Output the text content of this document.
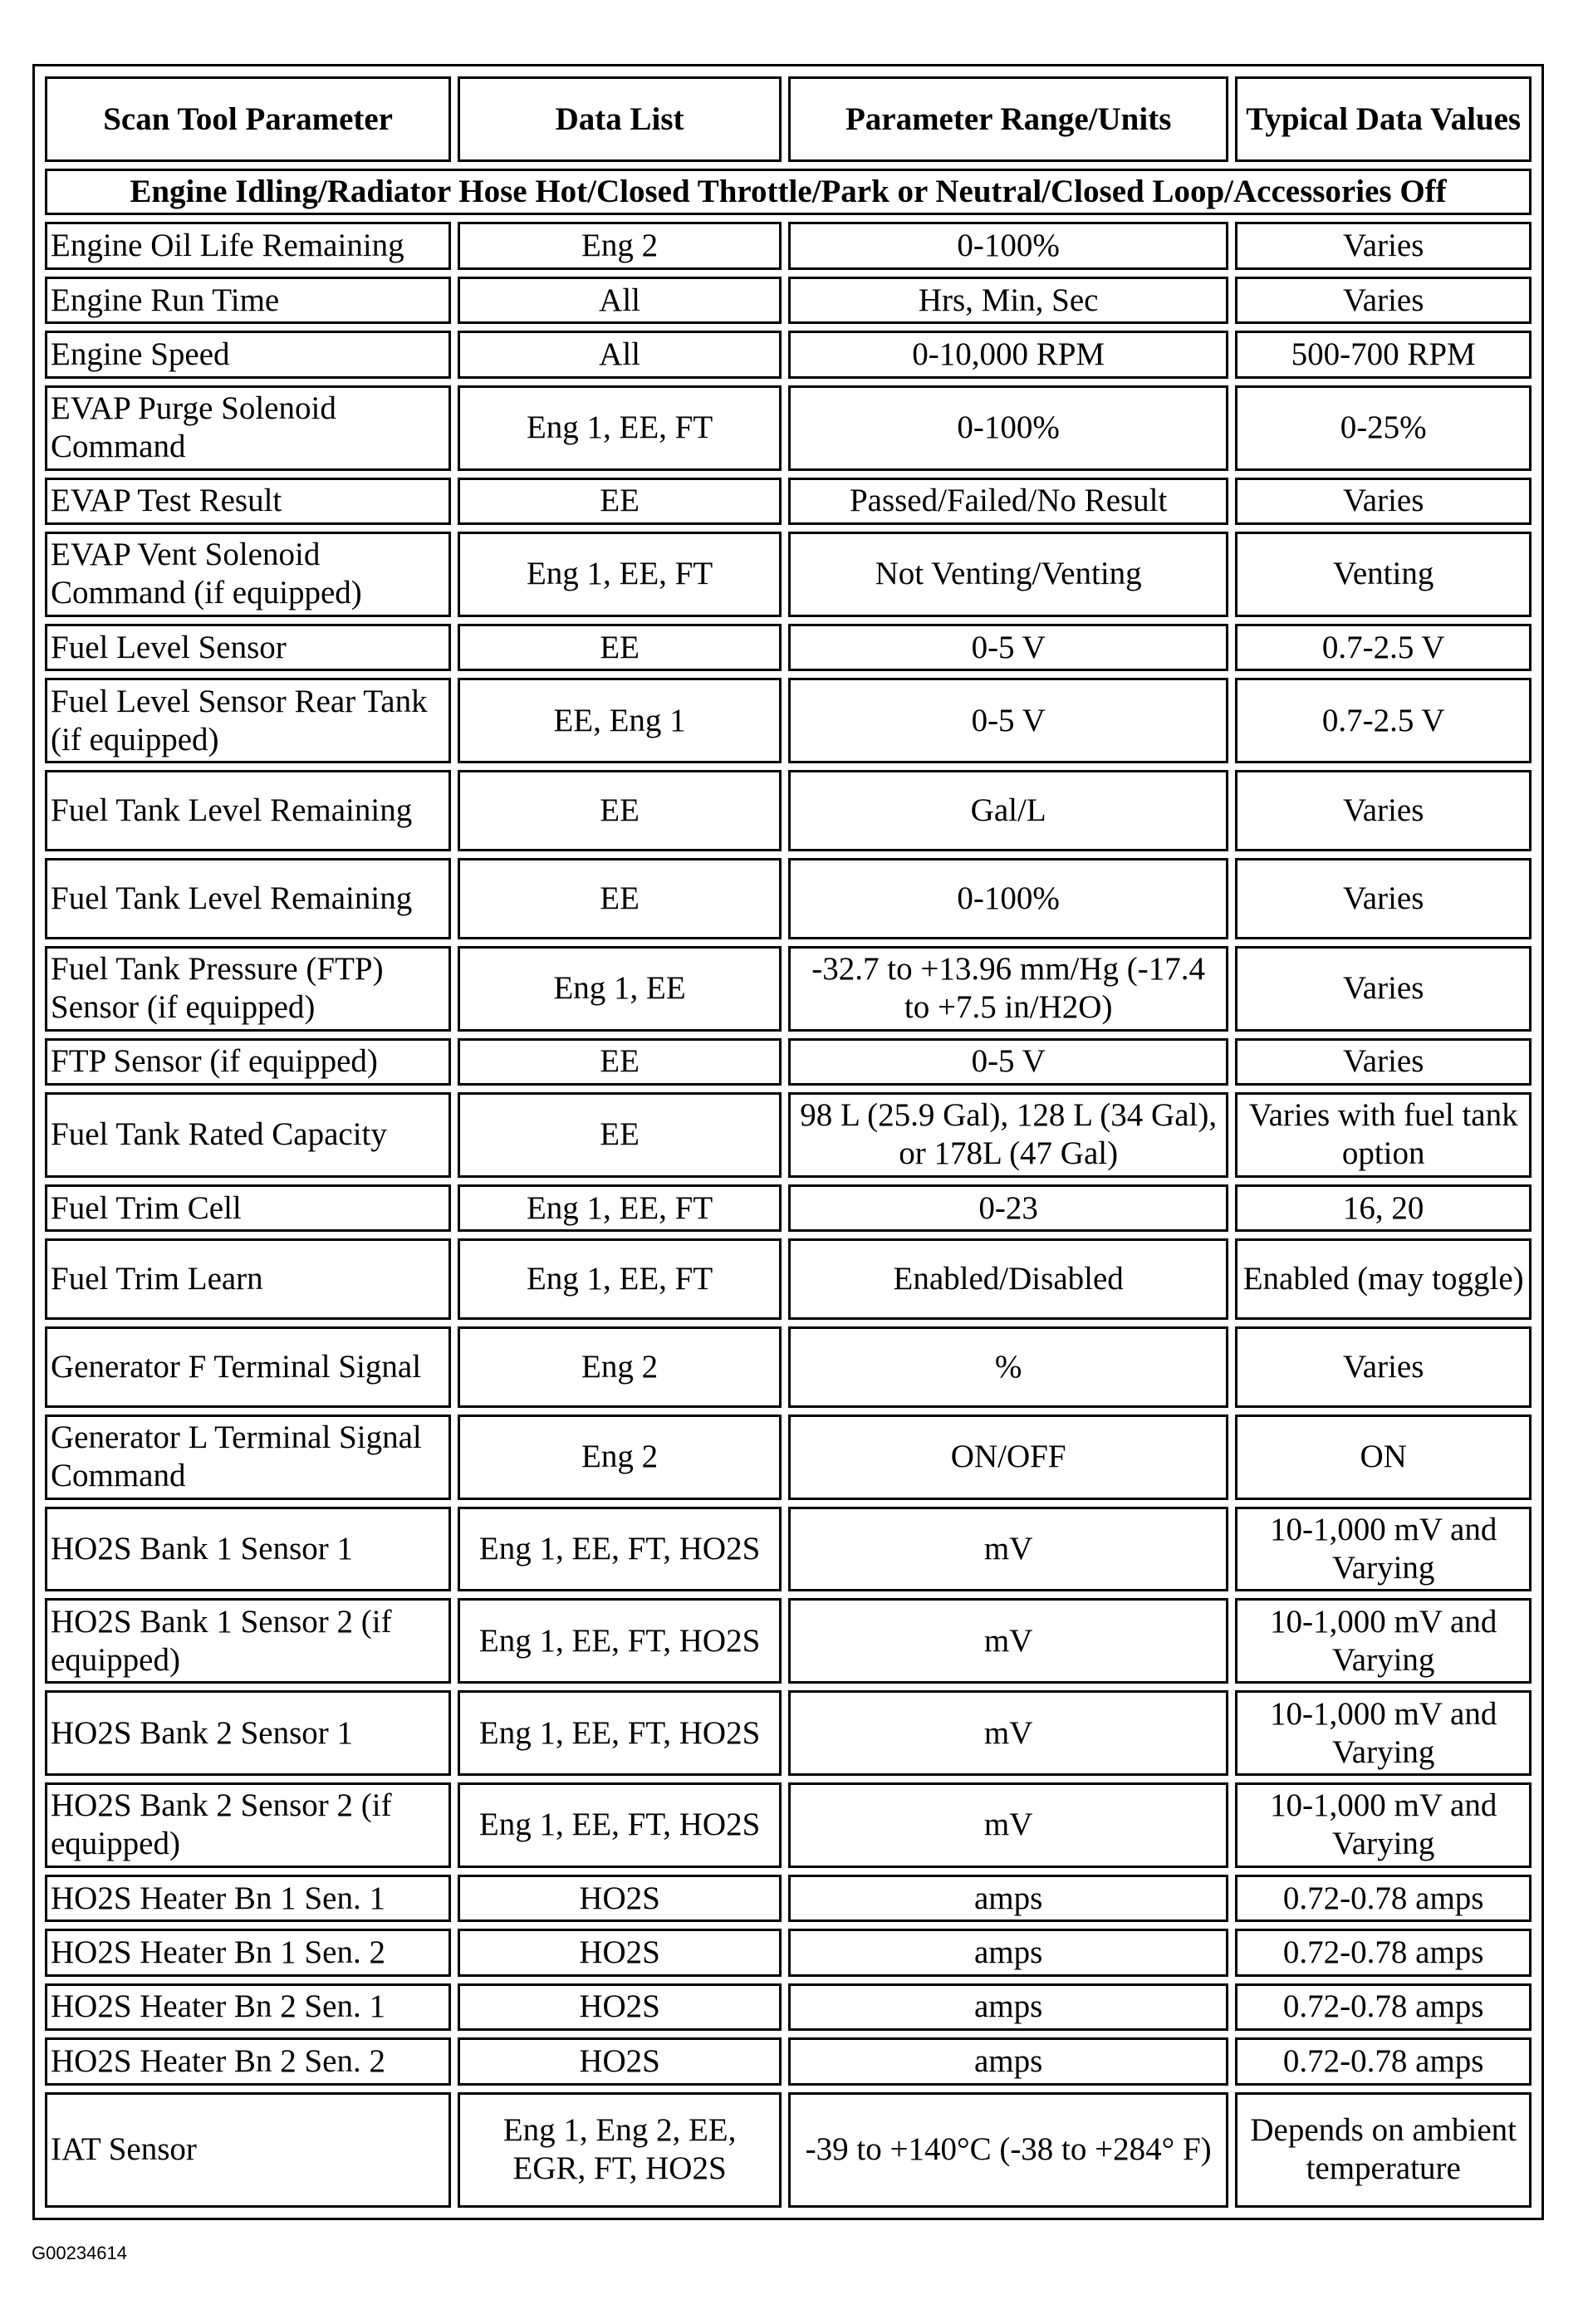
Scan Tool Parameter	Data List	Parameter Range/Units	Typical Data Values
Engine Idling/Radiator Hose Hot/Closed Throttle/Park or Neutral/Closed Loop/Accessories Off			
Engine Oil Life Remaining	Eng 2	0-100%	Varies
Engine Run Time	All	Hrs, Min, Sec	Varies
Engine Speed	All	0-10,000 RPM	500-700 RPM
EVAP Purge Solenoid Command	Eng 1, EE, FT	0-100%	0-25%
EVAP Test Result	EE	Passed/Failed/No Result	Varies
EVAP Vent Solenoid Command (if equipped)	Eng 1, EE, FT	Not Venting/Venting	Venting
Fuel Level Sensor	EE	0-5 V	0.7-2.5 V
Fuel Level Sensor Rear Tank (if equipped)	EE, Eng 1	0-5 V	0.7-2.5 V
Fuel Tank Level Remaining	EE	Gal/L	Varies
Fuel Tank Level Remaining	EE	0-100%	Varies
Fuel Tank Pressure (FTP) Sensor (if equipped)	Eng 1, EE	-32.7 to +13.96 mm/Hg (-17.4 to +7.5 in/H2O)	Varies
FTP Sensor (if equipped)	EE	0-5 V	Varies
Fuel Tank Rated Capacity	EE	98 L (25.9 Gal), 128 L (34 Gal), or 178L (47 Gal)	Varies with fuel tank option
Fuel Trim Cell	Eng 1, EE, FT	0-23	16, 20
Fuel Trim Learn	Eng 1, EE, FT	Enabled/Disabled	Enabled (may toggle)
Generator F Terminal Signal	Eng 2	%	Varies
Generator L Terminal Signal Command	Eng 2	ON/OFF	ON
HO2S Bank 1 Sensor 1	Eng 1, EE, FT, HO2S	mV	10-1,000 mV and Varying
HO2S Bank 1 Sensor 2 (if equipped)	Eng 1, EE, FT, HO2S	mV	10-1,000 mV and Varying
HO2S Bank 2 Sensor 1	Eng 1, EE, FT, HO2S	mV	10-1,000 mV and Varying
HO2S Bank 2 Sensor 2 (if equipped)	Eng 1, EE, FT, HO2S	mV	10-1,000 mV and Varying
HO2S Heater Bn 1 Sen. 1	HO2S	amps	0.72-0.78 amps
HO2S Heater Bn 1 Sen. 2	HO2S	amps	0.72-0.78 amps
HO2S Heater Bn 2 Sen. 1	HO2S	amps	0.72-0.78 amps
HO2S Heater Bn 2 Sen. 2	HO2S	amps	0.72-0.78 amps
IAT Sensor	Eng 1, Eng 2, EE, EGR, FT, HO2S	-39 to +140°C (-38 to +284° F)	Depends on ambient temperature
G00234614
